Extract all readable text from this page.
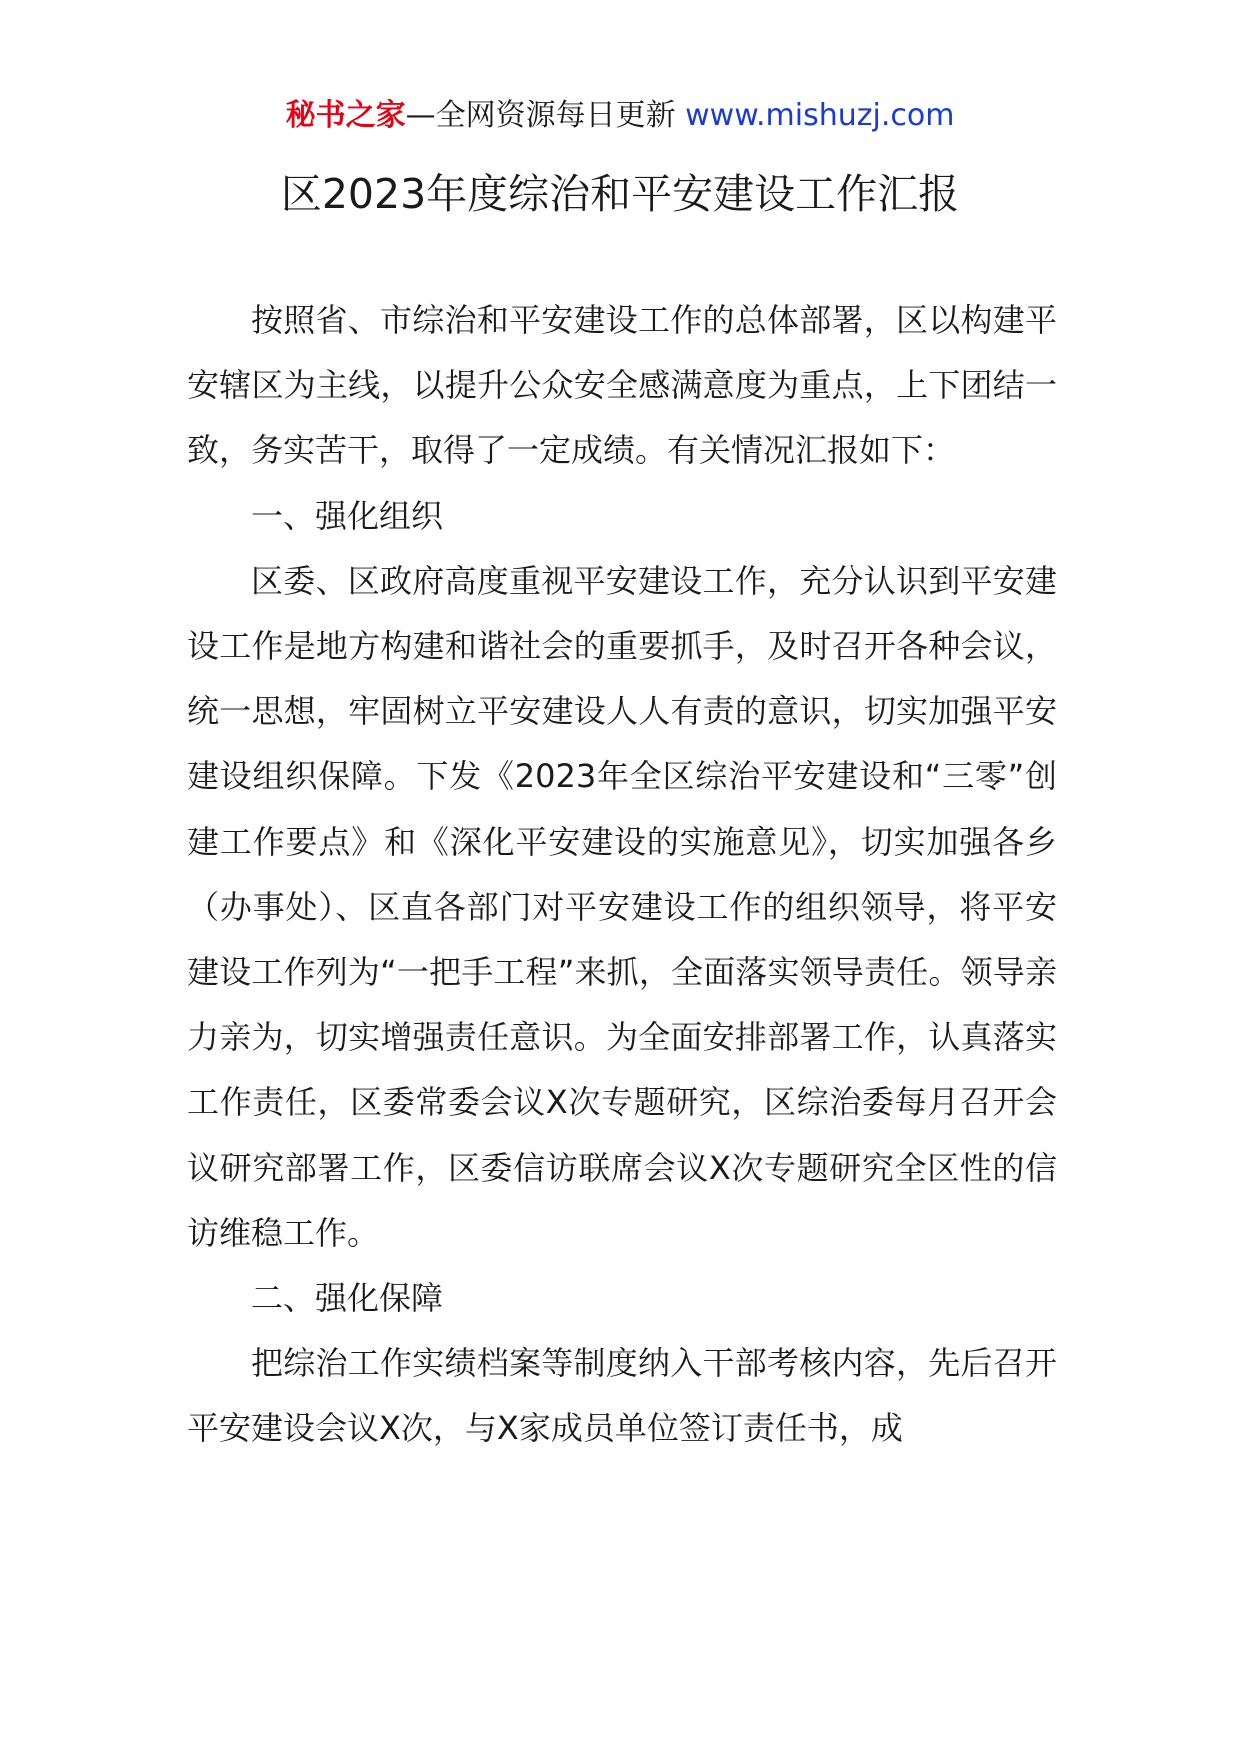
秘书之家—全网资源每日更新 www.mishuzj.com
区2023年度综治和平安建设工作汇报

按照省、市综治和平安建设工作的总体部署，区以构建平安辖区为主线，以提升公众安全感满意度为重点，上下团结一致，务实苦干，取得了一定成绩。有关情况汇报如下：

一、强化组织

区委、区政府高度重视平安建设工作，充分认识到平安建设工作是地方构建和谐社会的重要抓手，及时召开各种会议，统一思想，牢固树立平安建设人人有责的意识，切实加强平安建设组织保障。下发《2023年全区综治平安建设和“三零”创建工作要点》和《深化平安建设的实施意见》，切实加强各乡（办事处）、区直各部门对平安建设工作的组织领导，将平安建设工作列为“一把手工程”来抓，全面落实领导责任。领导亲力亲为，切实增强责任意识。为全面安排部署工作，认真落实工作责任，区委常委会议X次专题研究，区综治委每月召开会议研究部署工作，区委信访联席会议X次专题研究全区性的信访维稳工作。

二、强化保障

把综治工作实绩档案等制度纳入干部考核内容，先后召开平安建设会议X次，与X家成员单位签订责任书，成
